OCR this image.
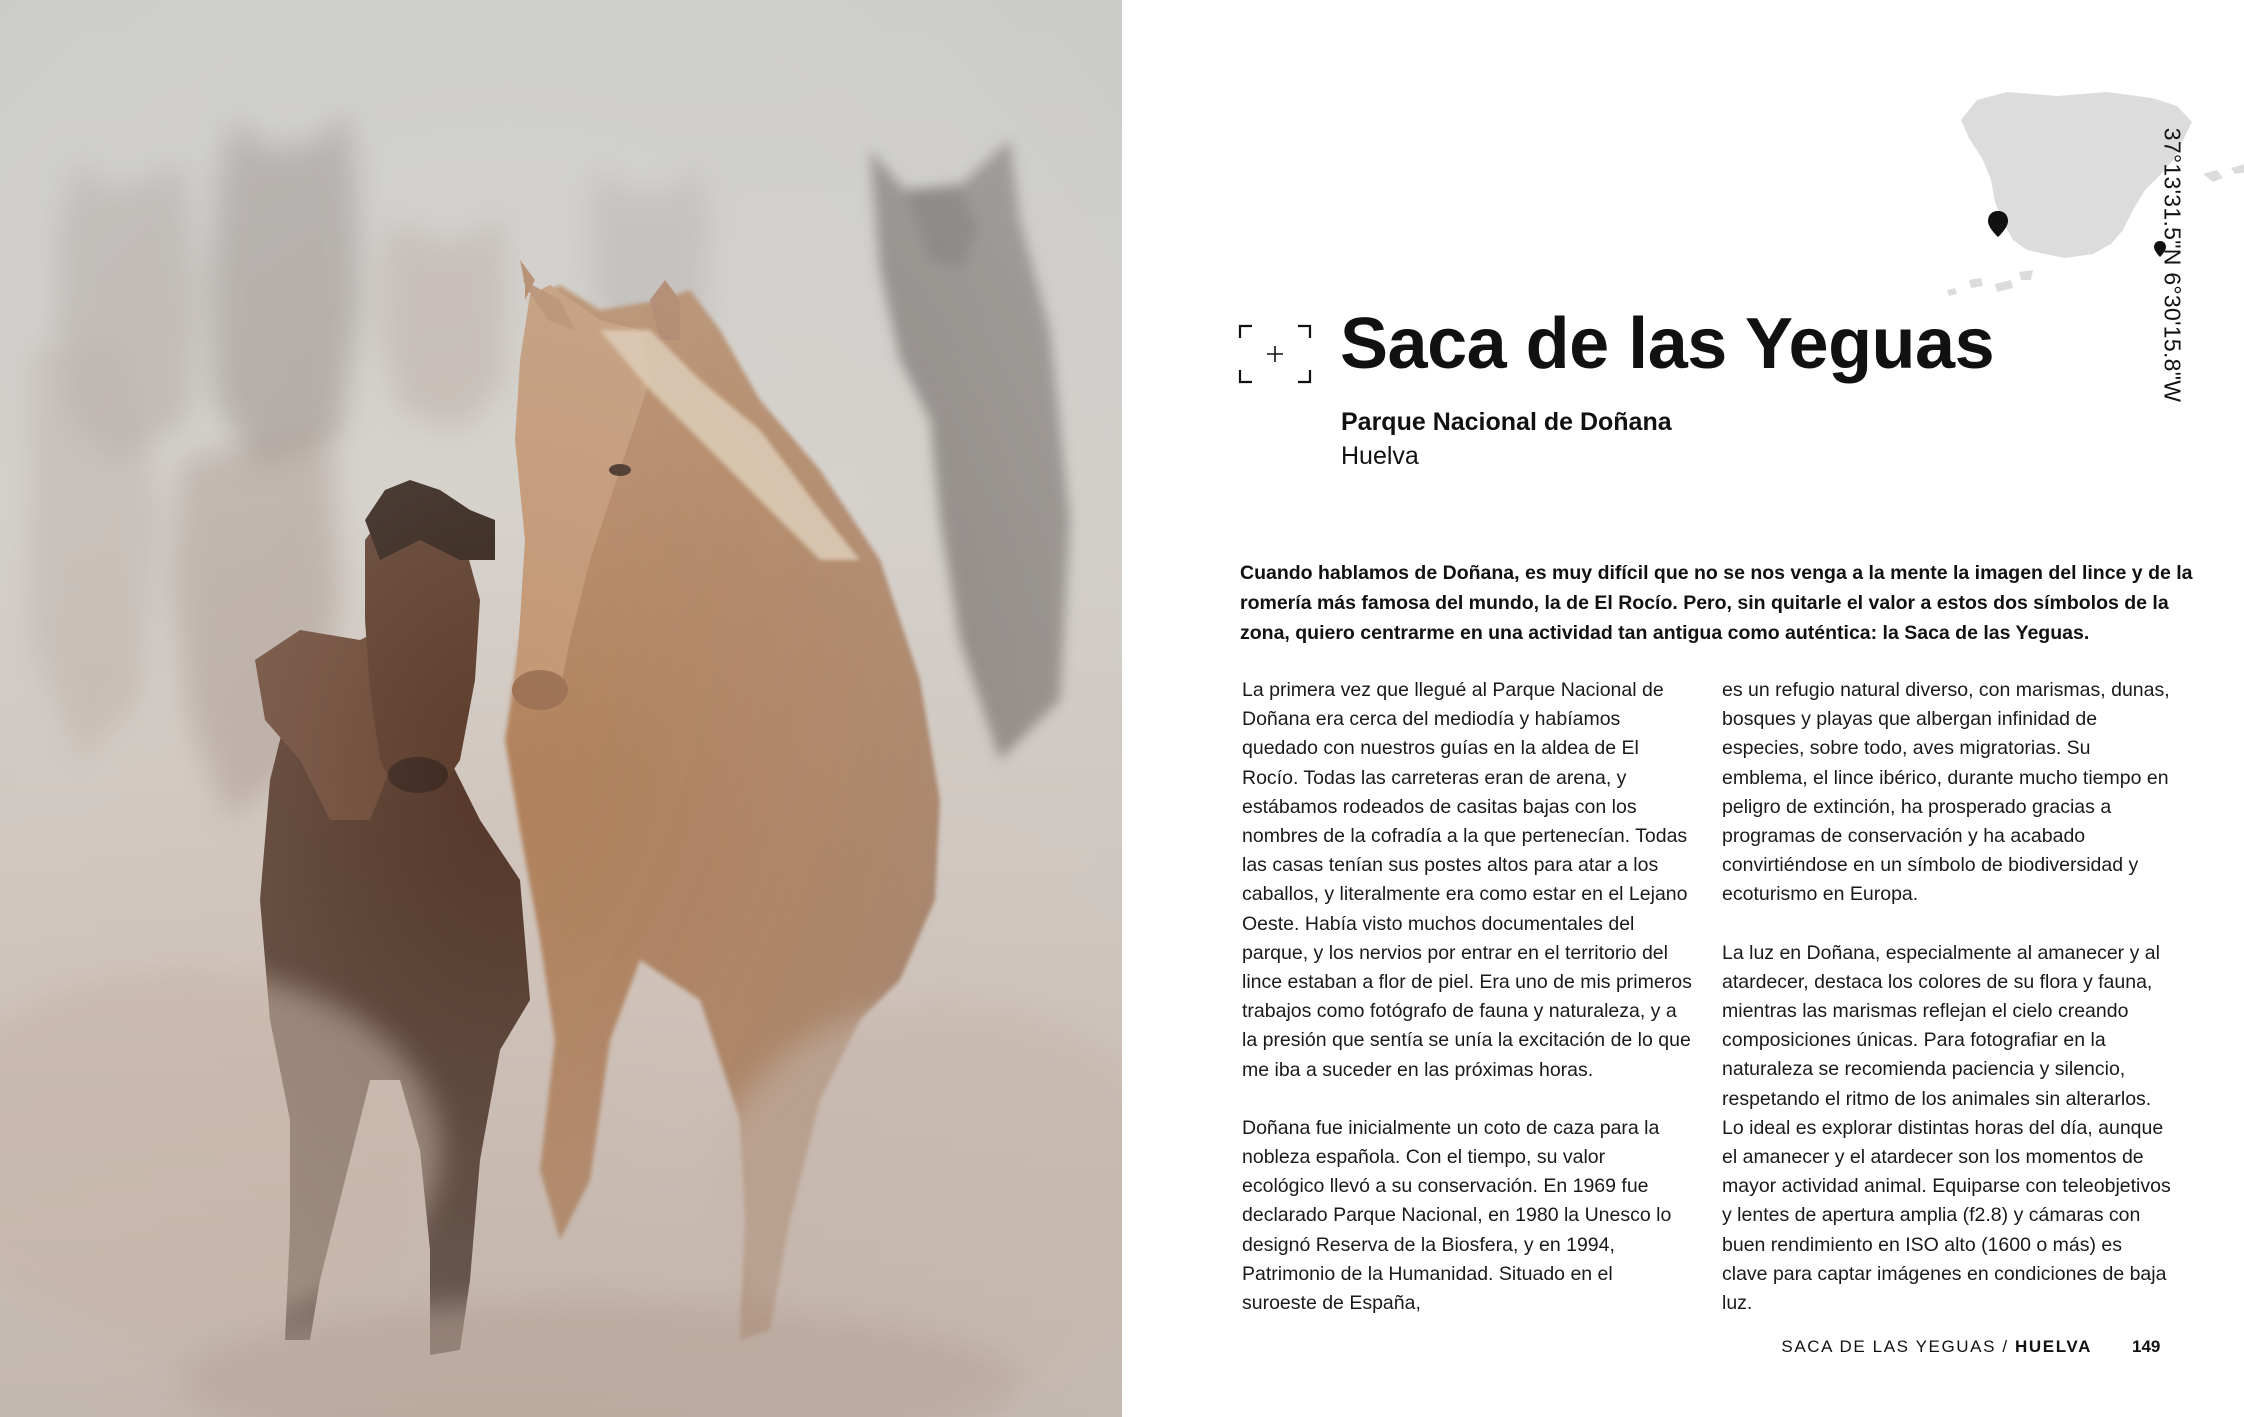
37°13'31.5"N 6°30'15.8"W
Saca de las Yeguas
Parque Nacional de Doñana
Huelva

Cuando hablamos de Doñana, es muy difícil que no se nos venga a la mente la imagen del lince y de la romería más famosa del mundo, la de El Rocío. Pero, sin quitarle el valor a estos dos símbolos de la zona, quiero centrarme en una actividad tan antigua como auténtica: la Saca de las Yeguas.

La primera vez que llegué al Parque Nacional de Doñana era cerca del mediodía y habíamos quedado con nuestros guías en la aldea de El Rocío. Todas las carreteras eran de arena, y estábamos rodeados de casitas bajas con los nombres de la cofradía a la que pertenecían. Todas las casas tenían sus postes altos para atar a los caballos, y literalmente era como estar en el Lejano Oeste. Había visto muchos documentales del parque, y los nervios por entrar en el territorio del lince estaban a flor de piel. Era uno de mis primeros trabajos como fotógrafo de fauna y naturaleza, y a la presión que sentía se unía la excitación de lo que me iba a suceder en las próximas horas.

Doñana fue inicialmente un coto de caza para la nobleza española. Con el tiempo, su valor ecológico llevó a su conservación. En 1969 fue declarado Parque Nacional, en 1980 la Unesco lo designó Reserva de la Biosfera, y en 1994, Patrimonio de la Humanidad. Situado en el suroeste de España,

es un refugio natural diverso, con marismas, dunas, bosques y playas que albergan infinidad de especies, sobre todo, aves migratorias. Su emblema, el lince ibérico, durante mucho tiempo en peligro de extinción, ha prosperado gracias a programas de conservación y ha acabado convirtiéndose en un símbolo de biodiversidad y ecoturismo en Europa.

La luz en Doñana, especialmente al amanecer y al atardecer, destaca los colores de su flora y fauna, mientras las marismas reflejan el cielo creando composiciones únicas. Para fotografiar en la naturaleza se recomienda paciencia y silencio, respetando el ritmo de los animales sin alterarlos. Lo ideal es explorar distintas horas del día, aunque el amanecer y el atardecer son los momentos de mayor actividad animal. Equiparse con teleobjetivos y lentes de apertura amplia (f2.8) y cámaras con buen rendimiento en ISO alto (1600 o más) es clave para captar imágenes en condiciones de baja luz.

SACA DE LAS YEGUAS / HUELVA 149
